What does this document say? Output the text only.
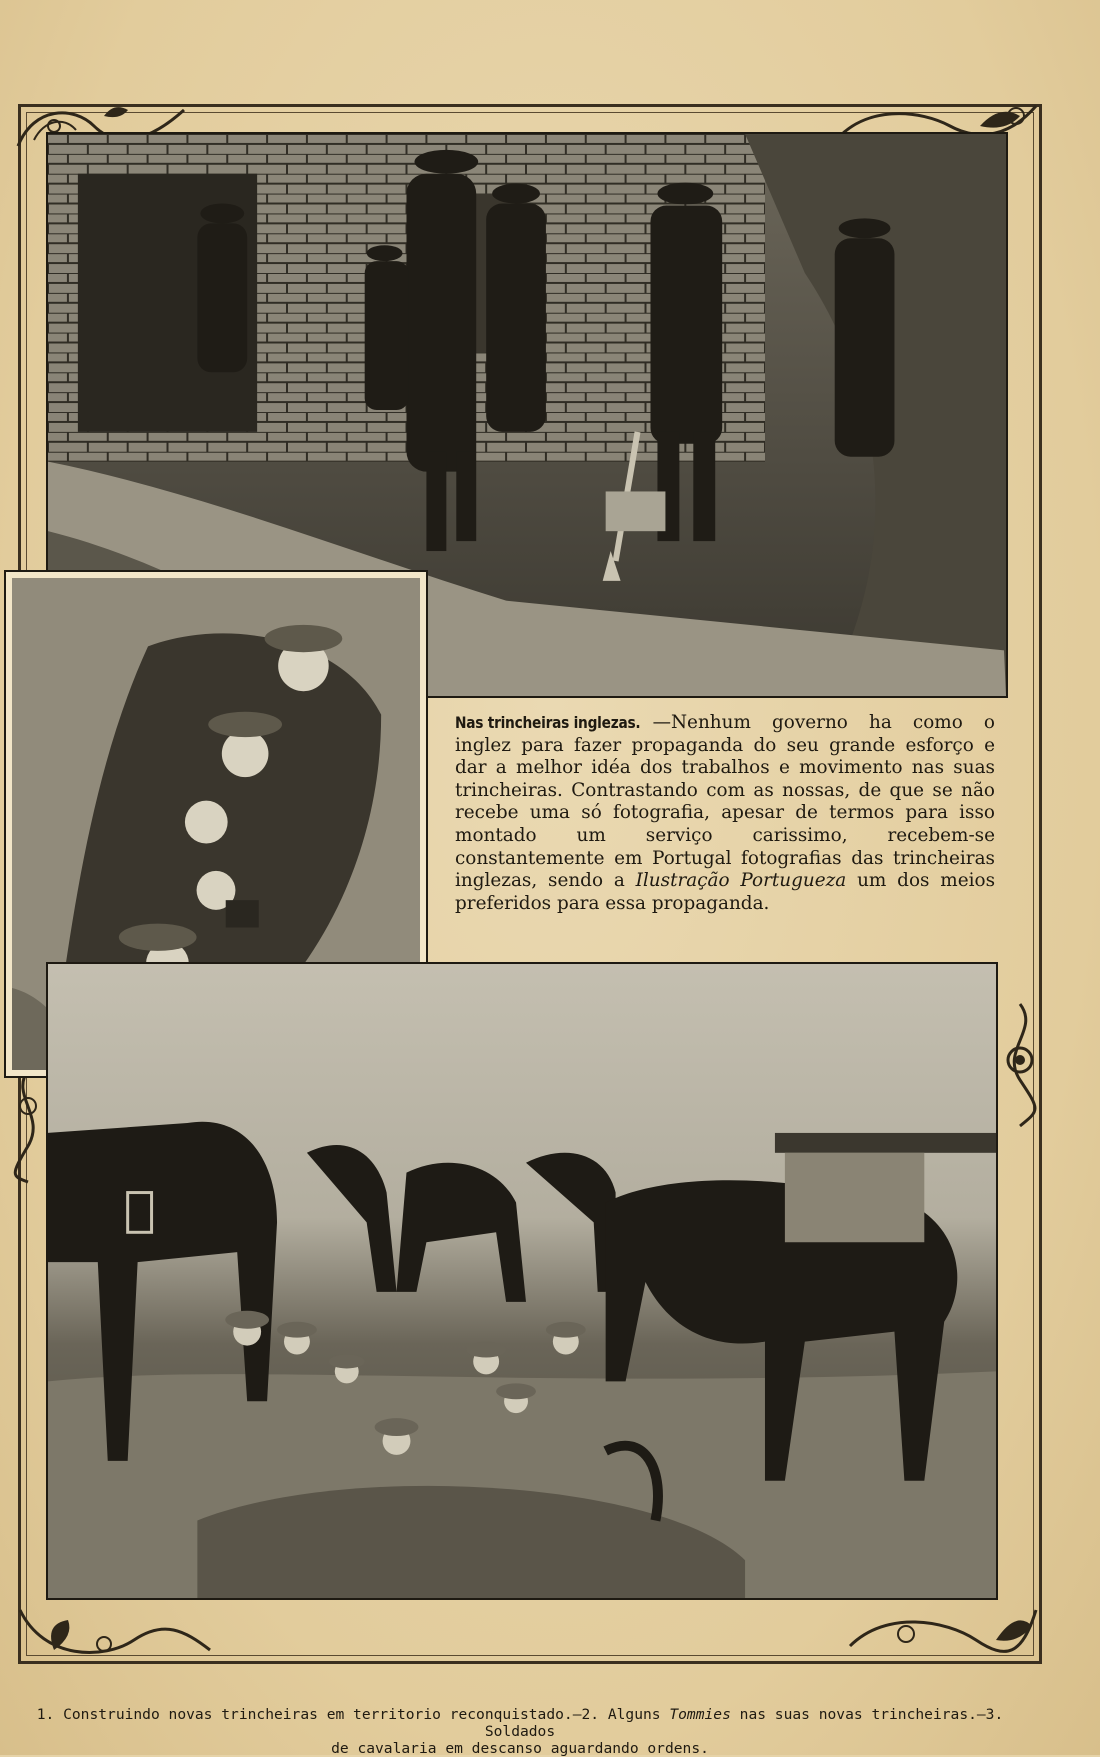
Nas trincheiras inglezas. —Nenhum governo ha como o inglez para fazer propaganda do seu grande esforço e dar a melhor idéa dos trabalhos e movimento nas suas trincheiras. Contrastando com as nossas, de que se não recebe uma só fotografia, apesar de termos para isso montado um serviço carissimo, recebem-se constantemente em Portugal fotografias das trincheiras inglezas, sendo a Ilustração Portugueza um dos meios preferidos para essa propaganda.
1. Construindo novas trincheiras em territorio reconquistado.—2. Alguns Tommies nas suas novas trincheiras.—3. Soldados
de cavalaria em descanso aguardando ordens.
